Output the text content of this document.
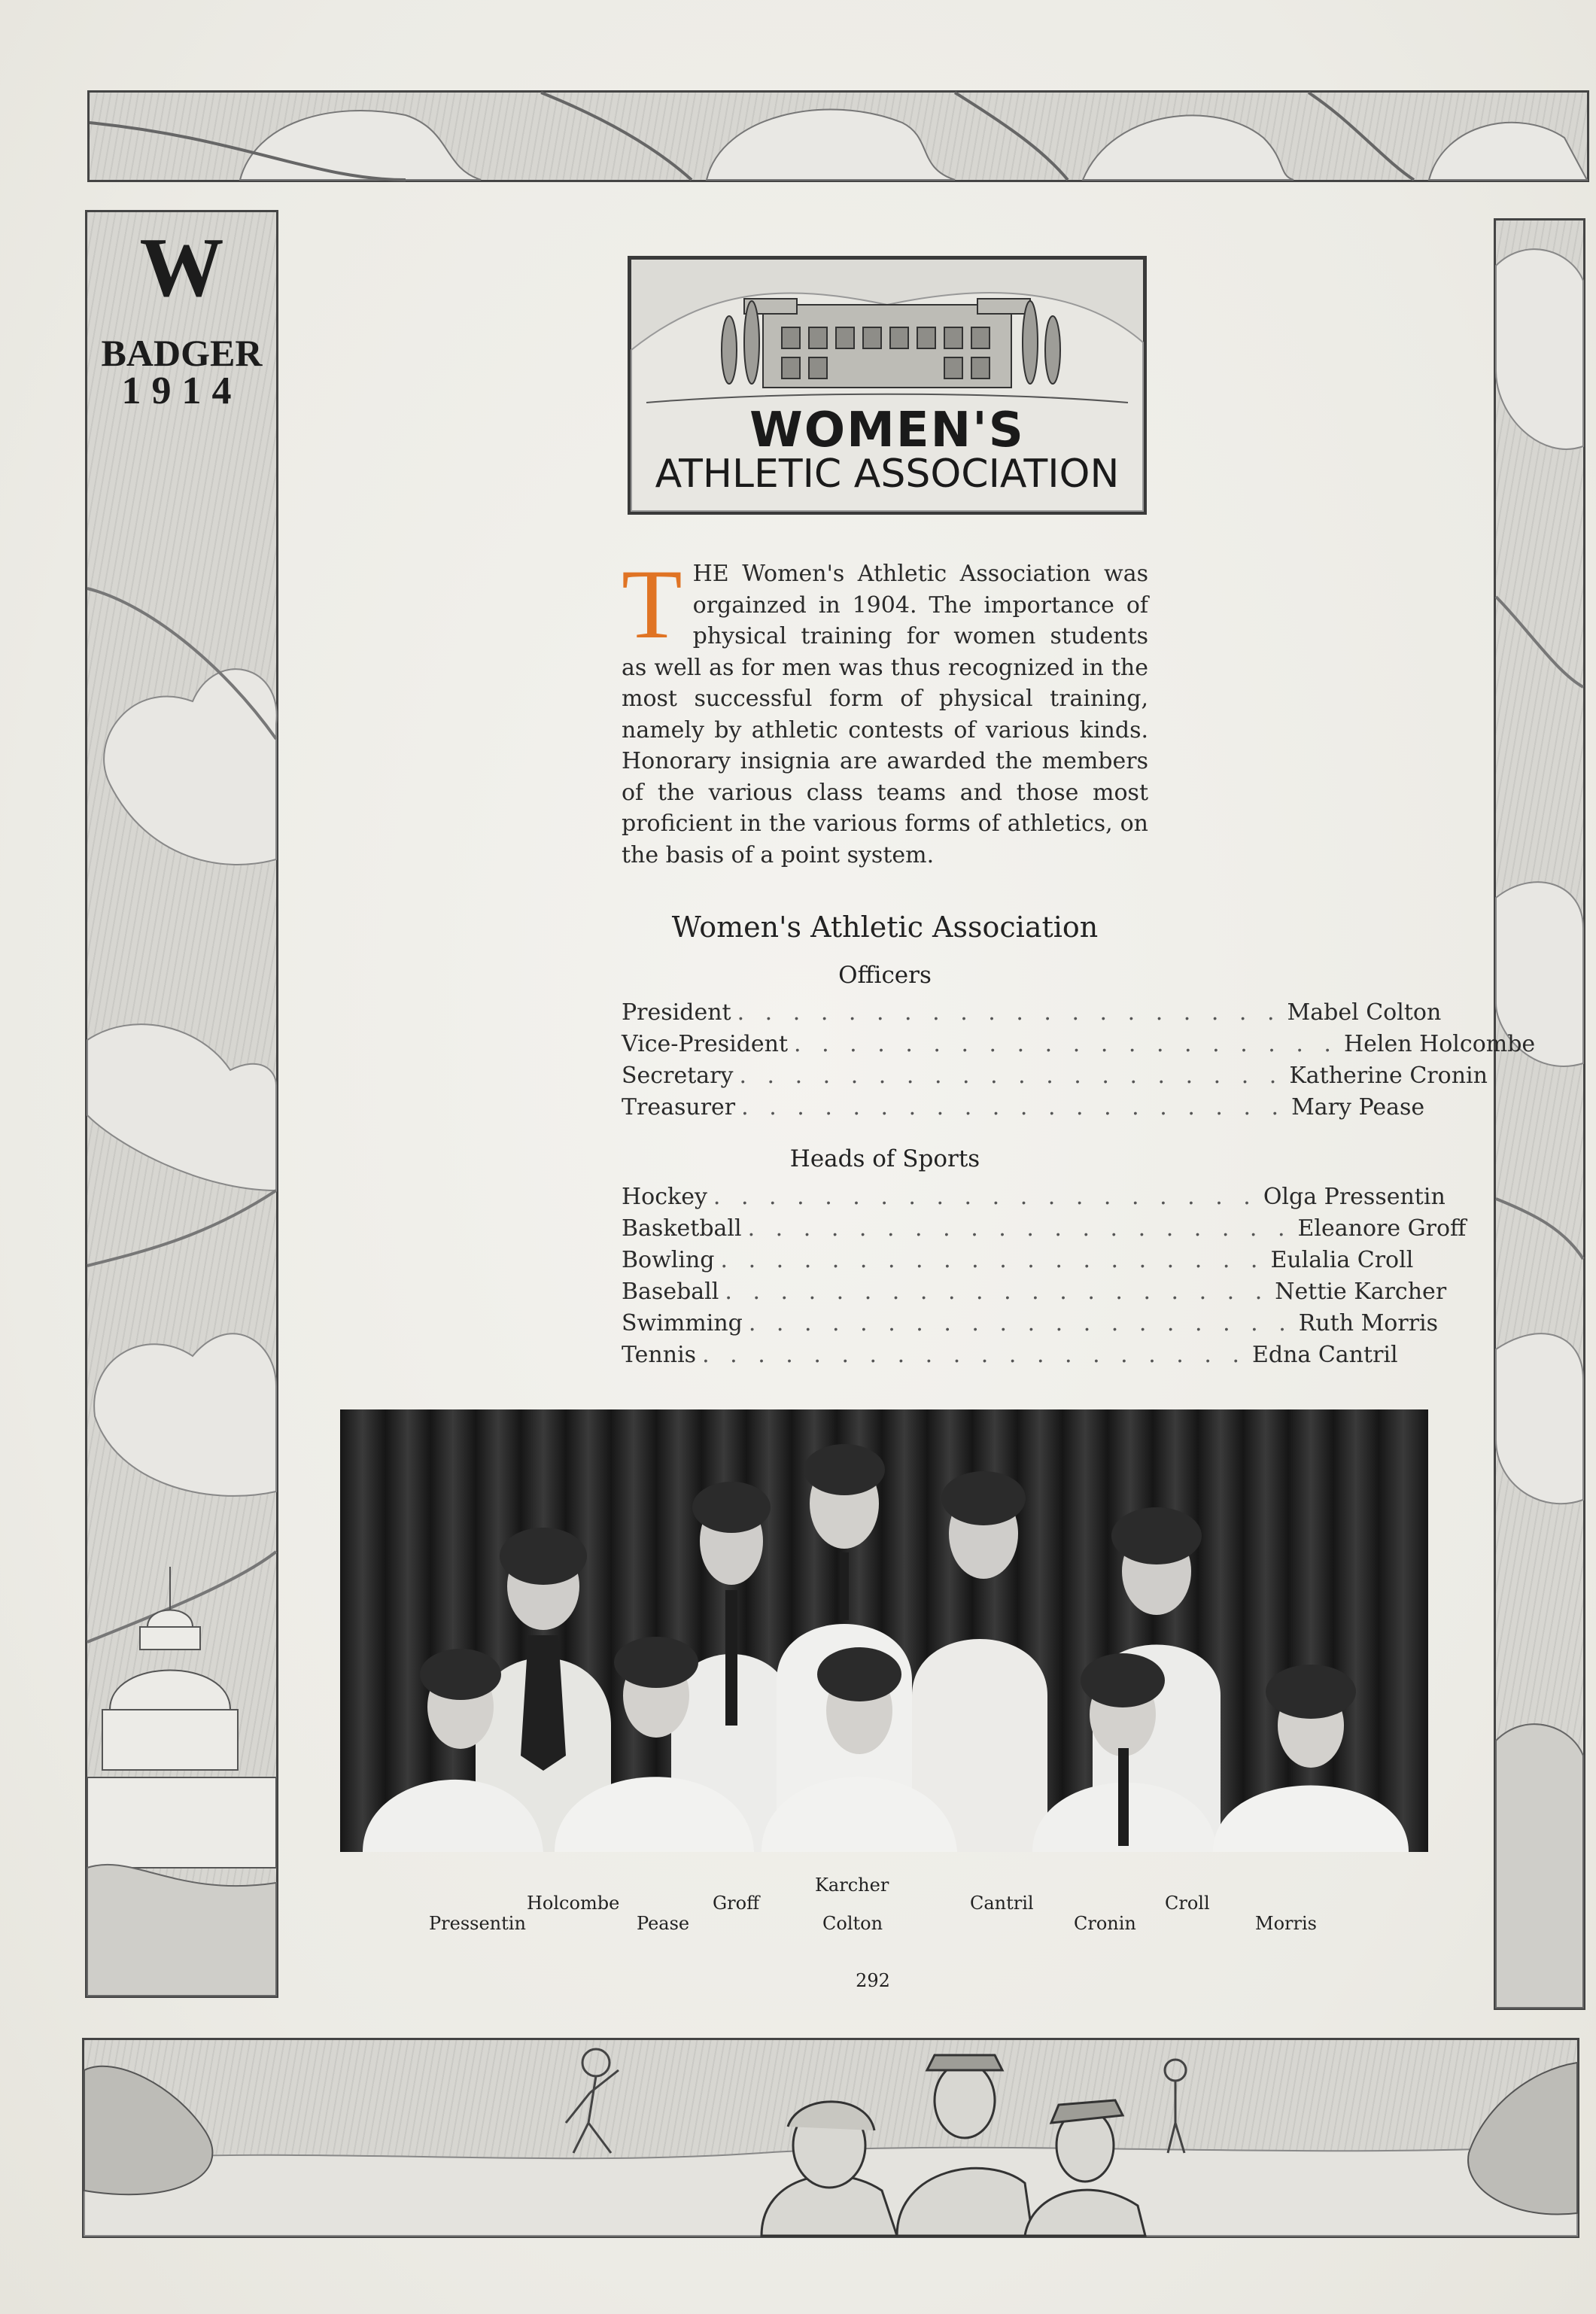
W
BADGER
1914
WOMEN'S
ATHLETIC ASSOCIATION
T HE Women's Athletic Association was orgainzed in 1904. The importance of physical training for women students as well as for men was thus recognized in the most successful form of physical training, namely by athletic contests of various kinds. Honorary insignia are awarded the members of the various class teams and those most proficient in the various forms of athletics, on the basis of a point system.
Women's Athletic Association
Officers
President . . . . . . . . . . . . . . . . . . . . Mabel Colton
Vice-President . . . . . . . . . . . . . . . . . . . . Helen Holcombe
Secretary . . . . . . . . . . . . . . . . . . . . Katherine Cronin
Treasurer . . . . . . . . . . . . . . . . . . . . Mary Pease
Heads of Sports
Hockey . . . . . . . . . . . . . . . . . . . . Olga Pressentin
Basketball . . . . . . . . . . . . . . . . . . . . Eleanore Groff
Bowling . . . . . . . . . . . . . . . . . . . . Eulalia Croll
Baseball . . . . . . . . . . . . . . . . . . . . Nettie Karcher
Swimming . . . . . . . . . . . . . . . . . . . . Ruth Morris
Tennis . . . . . . . . . . . . . . . . . . . . Edna Cantril
Pressentin
Holcombe
Pease
Groff
Karcher
Colton
Cantril
Cronin
Croll
Morris
292
